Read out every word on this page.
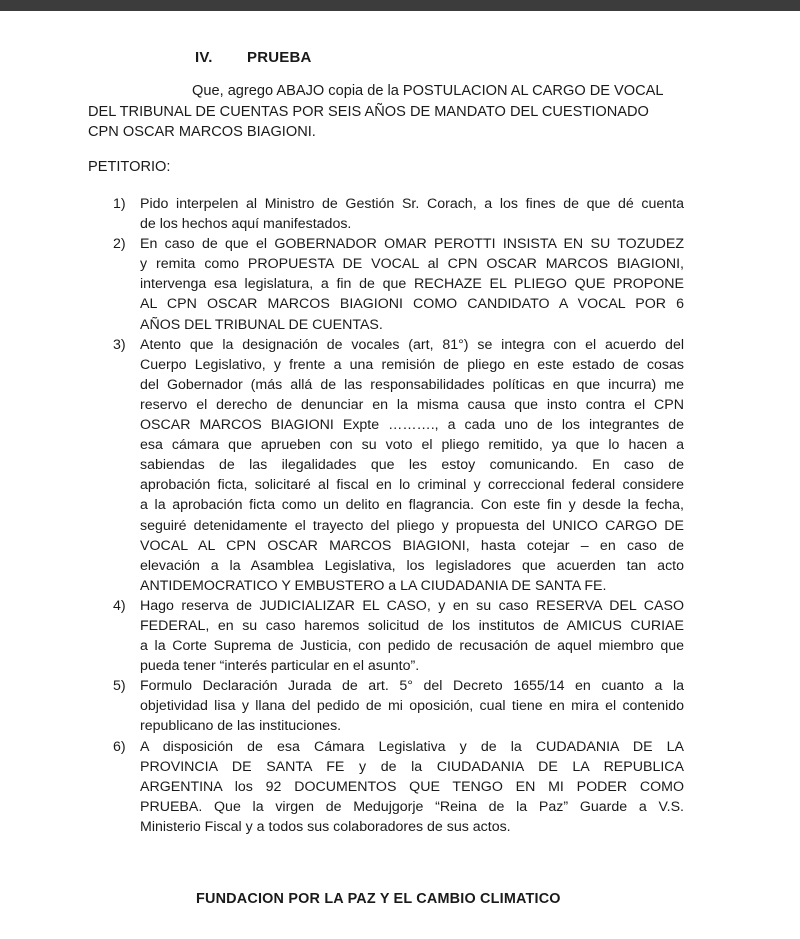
IV. PRUEBA
Que, agrego ABAJO copia de la POSTULACION AL CARGO DE VOCAL
DEL TRIBUNAL DE CUENTAS POR SEIS AÑOS DE MANDATO DEL CUESTIONADO
CPN OSCAR MARCOS BIAGIONI.
PETITORIO:
1)	Pido interpelen al Ministro de Gestión Sr. Corach, a los fines de que dé cuenta
de los hechos aquí manifestados.
2)	En caso de que el GOBERNADOR OMAR PEROTTI INSISTA EN SU TOZUDEZ
y remita como PROPUESTA DE VOCAL al CPN OSCAR MARCOS BIAGIONI,
intervenga esa legislatura, a fin de que RECHAZE EL PLIEGO QUE PROPONE
AL CPN OSCAR MARCOS BIAGIONI COMO CANDIDATO A VOCAL POR 6
AÑOS DEL TRIBUNAL DE CUENTAS.
3)	Atento que la designación de vocales (art, 81°) se integra con el acuerdo del
Cuerpo Legislativo, y frente a una remisión de pliego en este estado de cosas
del Gobernador (más allá de las responsabilidades políticas en que incurra) me
reservo el derecho de denunciar en la misma causa que insto contra el CPN
OSCAR MARCOS BIAGIONI Expte ………., a cada uno de los integrantes de
esa cámara que aprueben con su voto el pliego remitido, ya que lo hacen a
sabiendas de las ilegalidades que les estoy comunicando. En caso de
aprobación ficta, solicitaré al fiscal en lo criminal y correccional federal considere
a la aprobación ficta como un delito en flagrancia. Con este fin y desde la fecha,
seguiré detenidamente el trayecto del pliego y propuesta del UNICO CARGO DE
VOCAL AL CPN OSCAR MARCOS BIAGIONI, hasta cotejar – en caso de
elevación a la Asamblea Legislativa, los legisladores que acuerden tan acto
ANTIDEMOCRATICO Y EMBUSTERO a LA CIUDADANIA DE SANTA FE.
4)	Hago reserva de JUDICIALIZAR EL CASO, y en su caso RESERVA DEL CASO
FEDERAL, en su caso haremos solicitud de los institutos de AMICUS CURIAE
a la Corte Suprema de Justicia, con pedido de recusación de aquel miembro que
pueda tener “interés particular en el asunto”.
5)	Formulo Declaración Jurada de art. 5° del Decreto 1655/14 en cuanto a la
objetividad lisa y llana del pedido de mi oposición, cual tiene en mira el contenido
republicano de las instituciones.
6)	A disposición de esa Cámara Legislativa y de la CUDADANIA DE LA
PROVINCIA DE SANTA FE y de la CIUDADANIA DE LA REPUBLICA
ARGENTINA los 92 DOCUMENTOS QUE TENGO EN MI PODER COMO
PRUEBA. Que la virgen de Medujgorje “Reina de la Paz” Guarde a V.S.
Ministerio Fiscal y a todos sus colaboradores de sus actos.
FUNDACION POR LA PAZ Y EL CAMBIO CLIMATICO
